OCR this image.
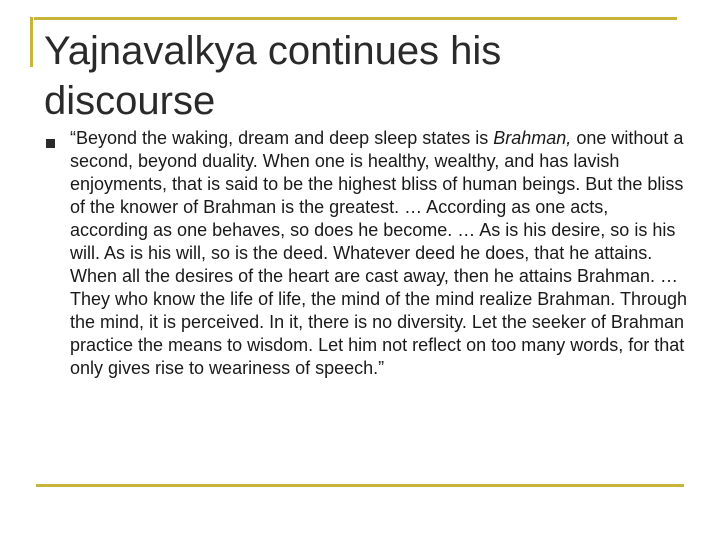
Yajnavalkya continues his discourse
“Beyond the waking, dream and deep sleep states is Brahman, one without a second, beyond duality. When one is healthy, wealthy, and has lavish enjoyments, that is said to be the highest bliss of human beings. But the bliss of the knower of Brahman is the greatest. … According as one acts, according as one behaves, so does he become. … As is his desire, so is his will. As is his will, so is the deed. Whatever deed he does, that he attains. When all the desires of the heart are cast away, then he attains Brahman. … They who know the life of life, the mind of the mind realize Brahman. Through the mind, it is perceived. In it, there is no diversity. Let the seeker of Brahman practice the means to wisdom. Let him not reflect on too many words, for that only gives rise to weariness of speech.”
